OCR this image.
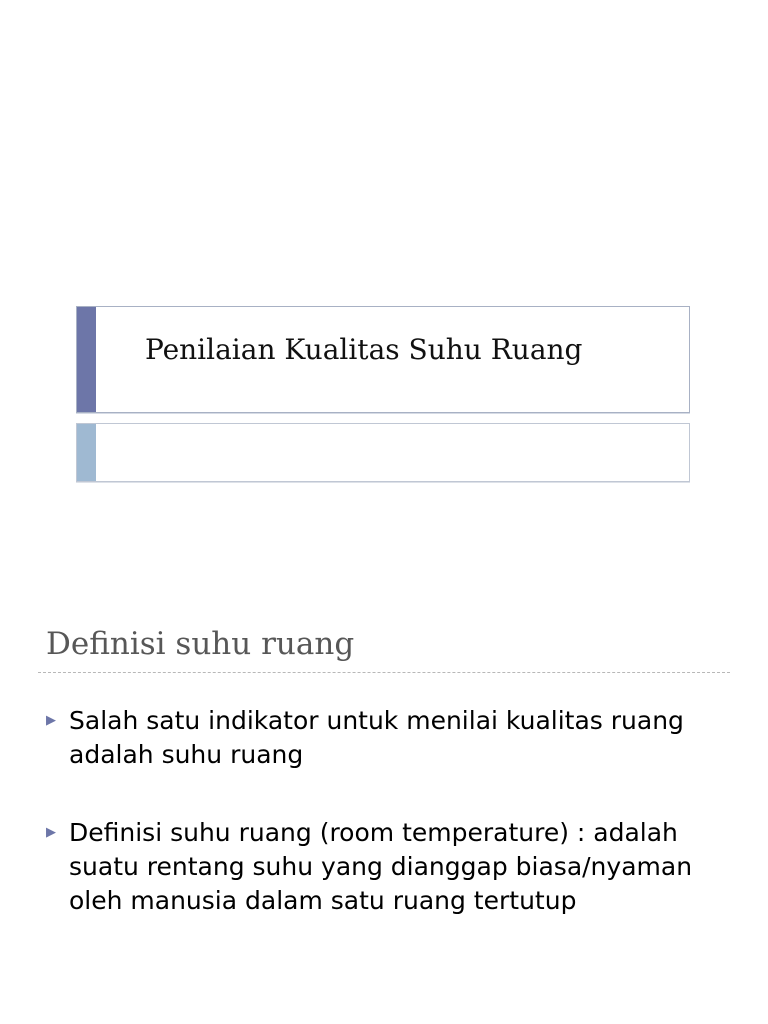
Penilaian Kualitas Suhu Ruang
Definisi suhu ruang
▶ Salah satu indikator untuk menilai kualitas ruang adalah suhu ruang
▶ Definisi suhu ruang (room temperature) : adalah suatu rentang suhu yang dianggap biasa/nyaman oleh manusia dalam satu ruang tertutup
